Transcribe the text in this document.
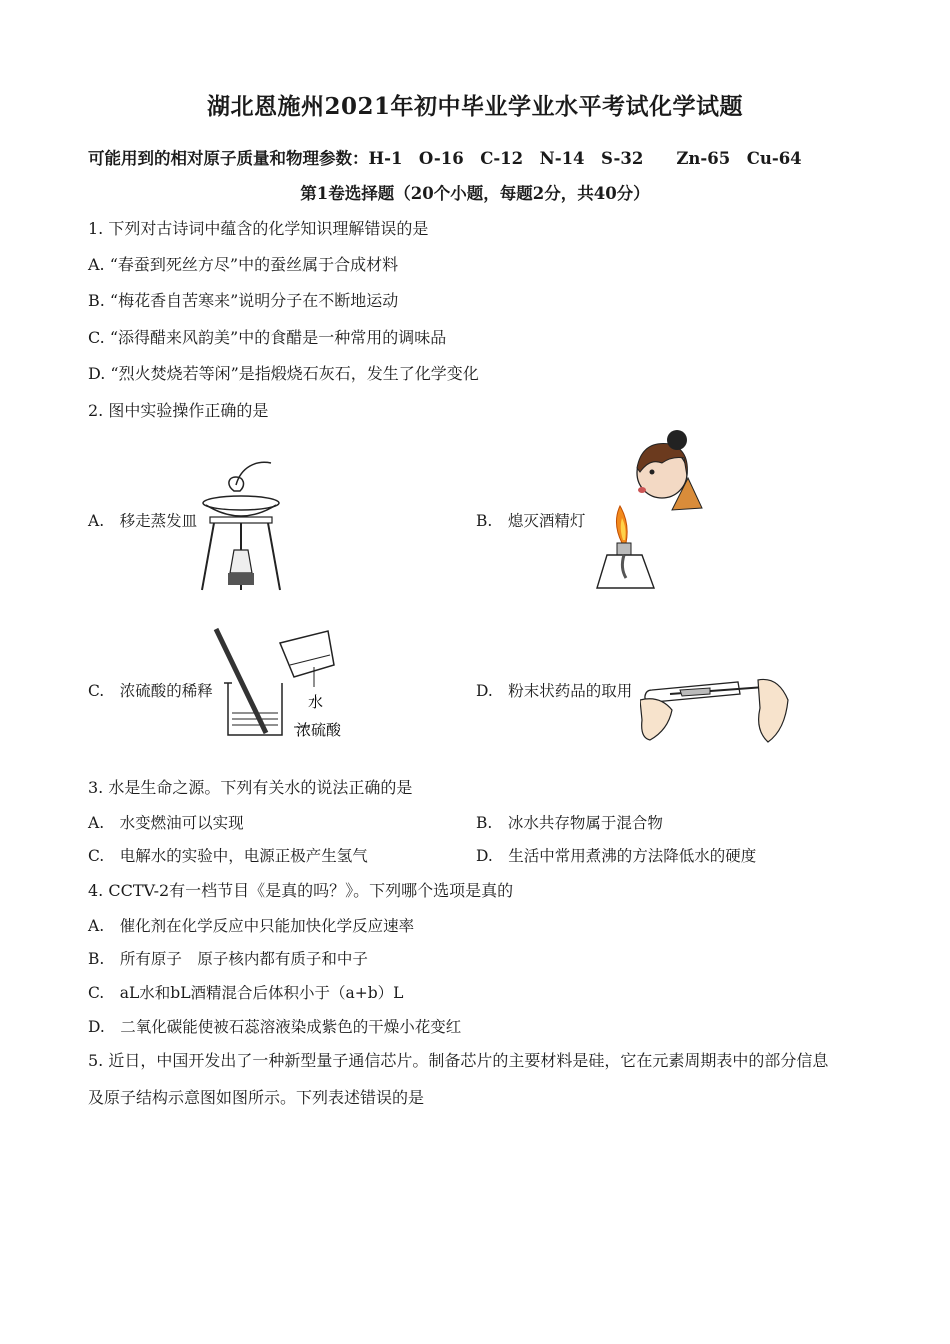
湖北恩施州2021年初中毕业学业水平考试化学试题
可能用到的相对原子质量和物理参数：H-1　O-16　C-12　N-14　S-32　　Zn-65　Cu-64
第1卷选择题（20个小题，每题2分，共40分）
1. 下列对古诗词中蕴含的化学知识理解错误的是
A. “春蚕到死丝方尽”中的蚕丝属于合成材料
B. “梅花香自苦寒来”说明分子在不断地运动
C. “添得醋来风韵美”中的食醋是一种常用的调味品
D. “烈火焚烧若等闲”是指煅烧石灰石，发生了化学变化
2. 图中实验操作正确的是
A.　移走蒸发皿	B.　熄灭酒精灯
C.　浓硫酸的稀释	D.　粉末状药品的取用
水
浓硫酸
3. 水是生命之源。下列有关水的说法正确的是
A.　水变燃油可以实现	B.　冰水共存物属于混合物
C.　电解水的实验中，电源正极产生氢气	D.　生活中常用煮沸的方法降低水的硬度
4. CCTV-2有一档节目《是真的吗？》。下列哪个选项是真的
A.　催化剂在化学反应中只能加快化学反应速率
B.　所有原子　原子核内都有质子和中子
C.　aL水和bL酒精混合后体积小于（a+b）L
D.　二氧化碳能使被石蕊溶液染成紫色的干燥小花变红
5. 近日，中国开发出了一种新型量子通信芯片。制备芯片的主要材料是硅，它在元素周期表中的部分信息
及原子结构示意图如图所示。下列表述错误的是
